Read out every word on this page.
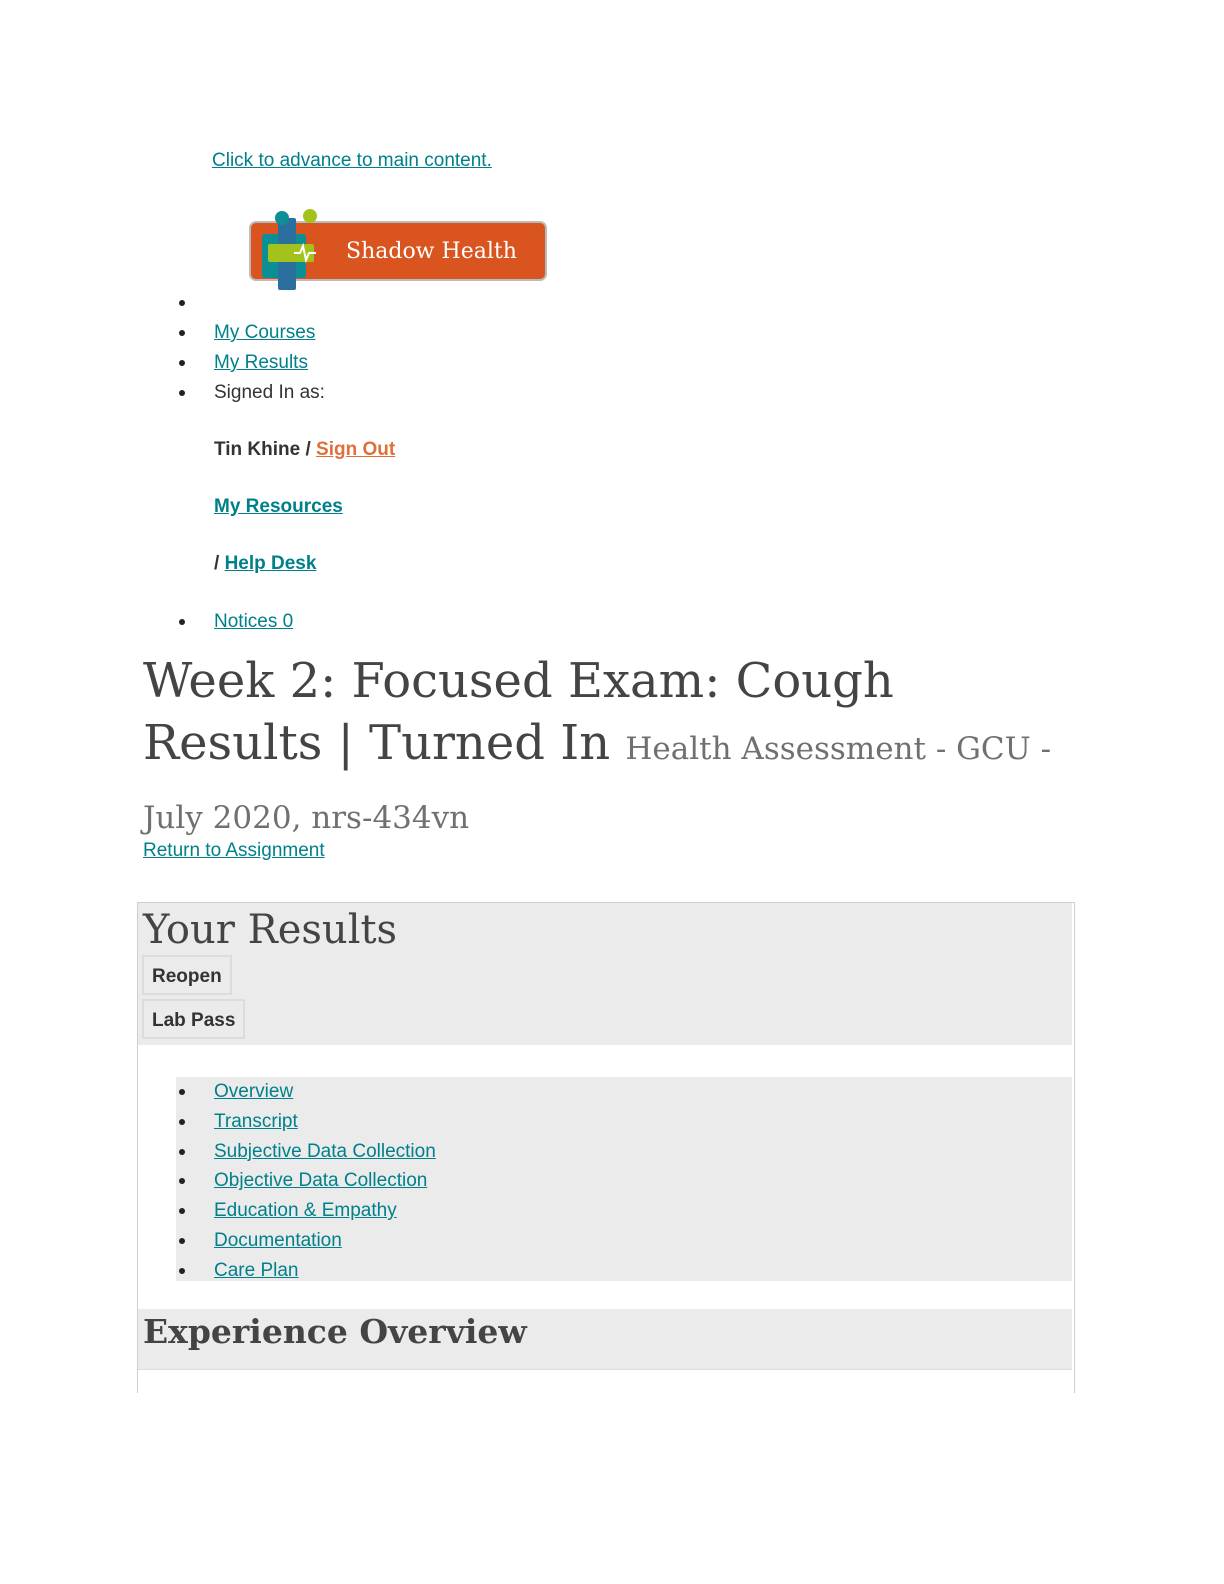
Click to advance to main content.
Shadow Health

My Courses
My Results
Signed In as:
Tin Khine / Sign Out
My Resources
/ Help Desk
Notices 0
Week 2: Focused Exam: Cough Results | Turned In Health Assessment - GCU - July 2020, nrs-434vn
Return to Assignment
Your Results
Reopen
Lab Pass
Overview
Transcript
Subjective Data Collection
Objective Data Collection
Education & Empathy
Documentation
Care Plan
Experience Overview
